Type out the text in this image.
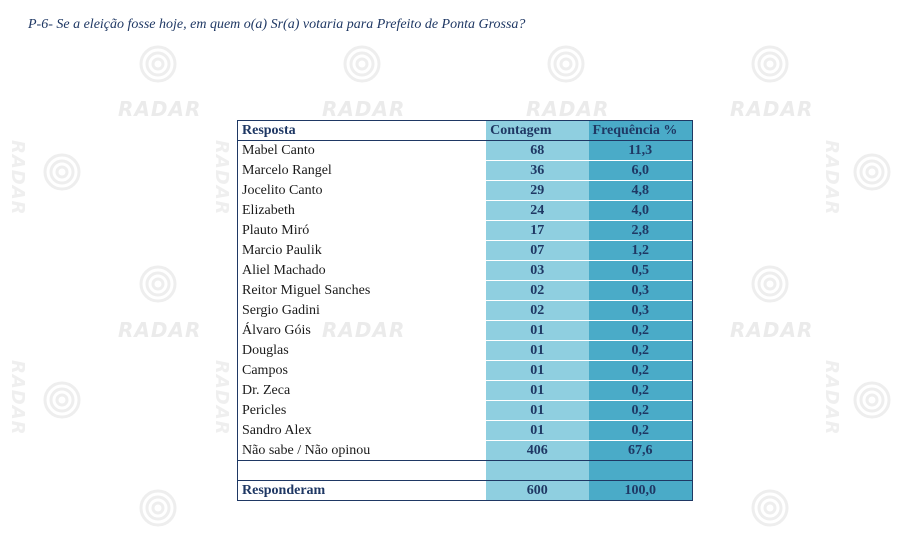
RADAR	RADAR	RADAR	RADAR
RADAR	RADAR	RADAR
RADAR	RADAR	RADAR
RADAR	RADAR	RADAR
P-6- Se a eleição fosse hoje, em quem o(a) Sr(a) votaria para Prefeito de Ponta Grossa?
Resposta	Contagem	Frequência %
Mabel Canto	68	11,3
Marcelo Rangel	36	6,0
Jocelito Canto	29	4,8
Elizabeth	24	4,0
Plauto Miró	17	2,8
Marcio Paulik	07	1,2
Aliel Machado	03	0,5
Reitor Miguel Sanches	02	0,3
Sergio Gadini	02	0,3
Álvaro Góis	01	0,2
Douglas	01	0,2
Campos	01	0,2
Dr. Zeca	01	0,2
Pericles	01	0,2
Sandro Alex	01	0,2
Não sabe / Não opinou	406	67,6

Responderam	600	100,0
